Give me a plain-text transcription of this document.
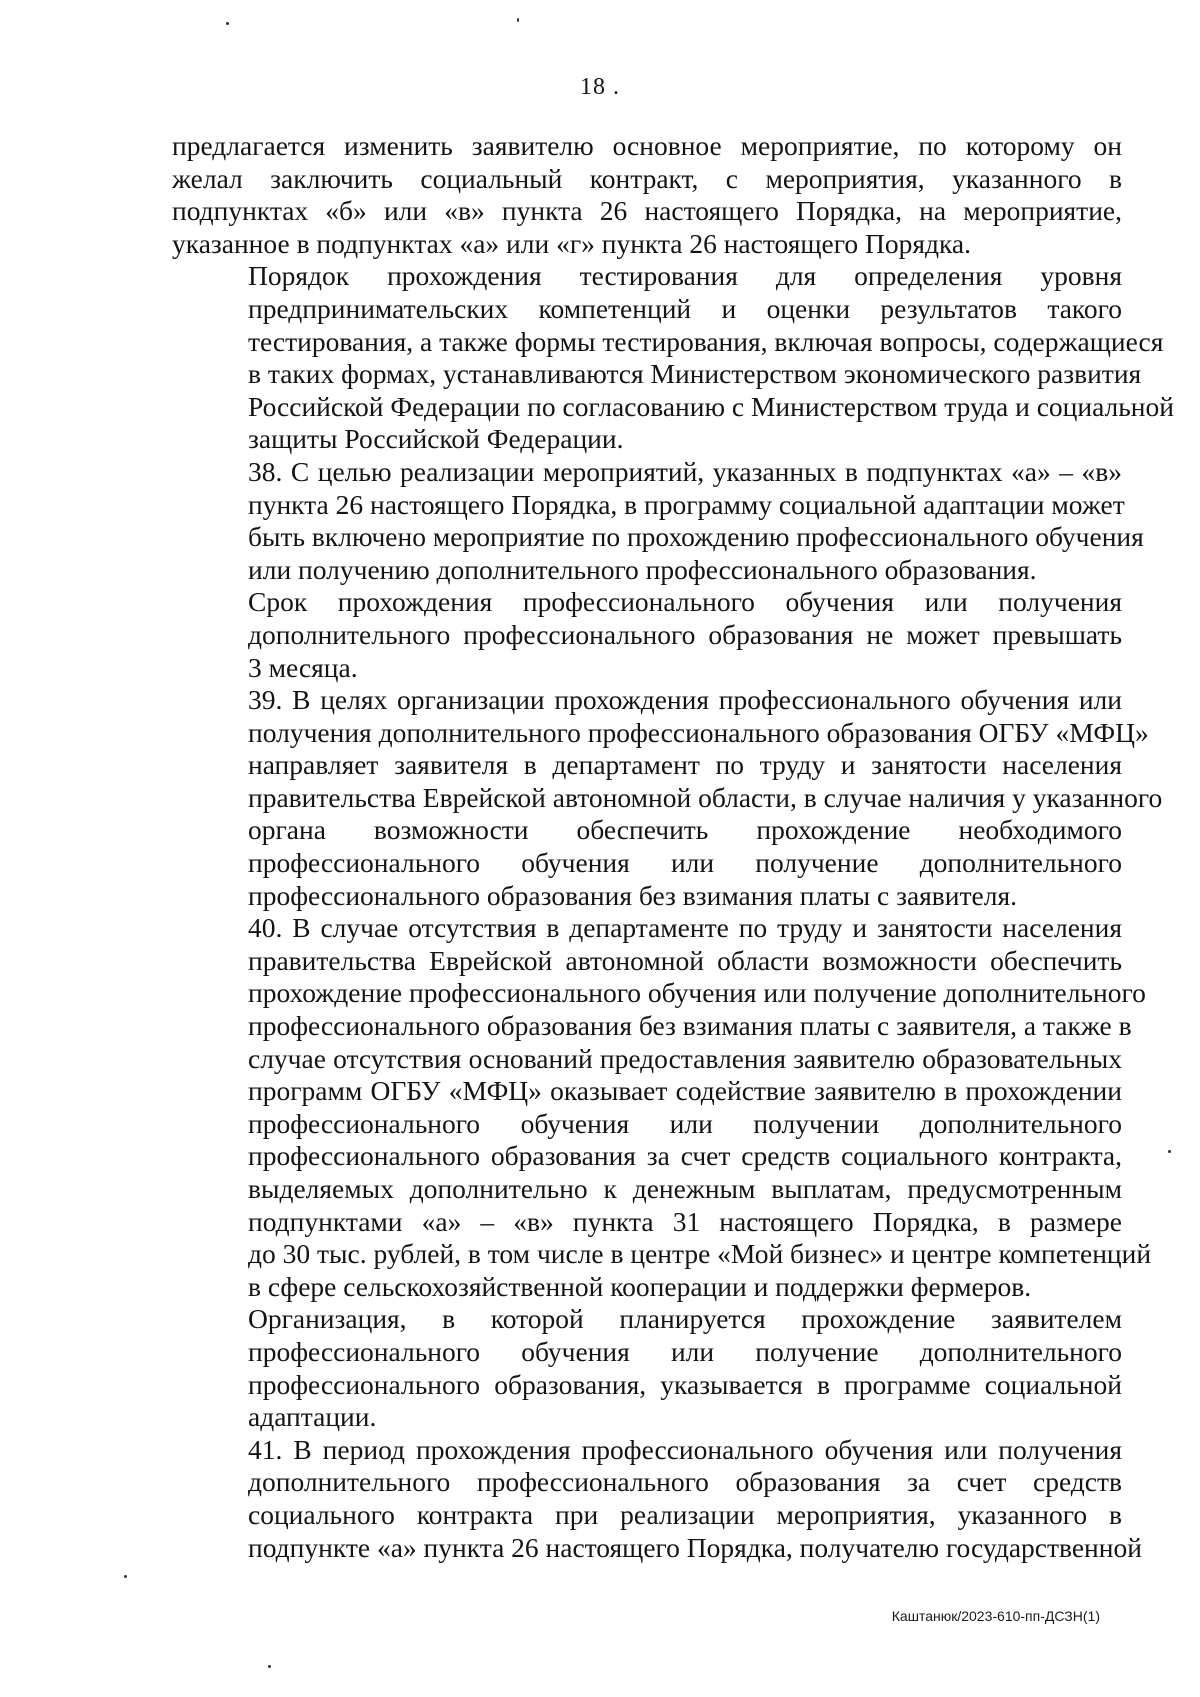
18 .
предлагается изменить заявителю основное мероприятие, по которому он
желал заключить социальный контракт, с мероприятия, указанного в
подпунктах «б» или «в» пункта 26 настоящего Порядка, на мероприятие,
указанное в подпунктах «а» или «г» пункта 26 настоящего Порядка.
Порядок прохождения тестирования для определения уровня
предпринимательских компетенций и оценки результатов такого
тестирования, а также формы тестирования, включая вопросы, содержащиеся
в таких формах, устанавливаются Министерством экономического развития
Российской Федерации по согласованию с Министерством труда и социальной
защиты Российской Федерации.
38. С целью реализации мероприятий, указанных в подпунктах «а» – «в»
пункта 26 настоящего Порядка, в программу социальной адаптации может
быть включено мероприятие по прохождению профессионального обучения
или получению дополнительного профессионального образования.
Срок прохождения профессионального обучения или получения
дополнительного профессионального образования не может превышать
3 месяца.
39. В целях организации прохождения профессионального обучения или
получения дополнительного профессионального образования ОГБУ «МФЦ»
направляет заявителя в департамент по труду и занятости населения
правительства Еврейской автономной области, в случае наличия у указанного
органа возможности обеспечить прохождение необходимого
профессионального обучения или получение дополнительного
профессионального образования без взимания платы с заявителя.
40. В случае отсутствия в департаменте по труду и занятости населения
правительства Еврейской автономной области возможности обеспечить
прохождение профессионального обучения или получение дополнительного
профессионального образования без взимания платы с заявителя, а также в
случае отсутствия оснований предоставления заявителю образовательных
программ ОГБУ «МФЦ» оказывает содействие заявителю в прохождении
профессионального обучения или получении дополнительного
профессионального образования за счет средств социального контракта,
выделяемых дополнительно к денежным выплатам, предусмотренным
подпунктами «а» – «в» пункта 31 настоящего Порядка, в размере
до 30 тыс. рублей, в том числе в центре «Мой бизнес» и центре компетенций
в сфере сельскохозяйственной кооперации и поддержки фермеров.
Организация, в которой планируется прохождение заявителем
профессионального обучения или получение дополнительного
профессионального образования, указывается в программе социальной
адаптации.
41. В период прохождения профессионального обучения или получения
дополнительного профессионального образования за счет средств
социального контракта при реализации мероприятия, указанного в
подпункте «а» пункта 26 настоящего Порядка, получателю государственной
Каштанюк/2023-610-пп-ДСЗН(1)
